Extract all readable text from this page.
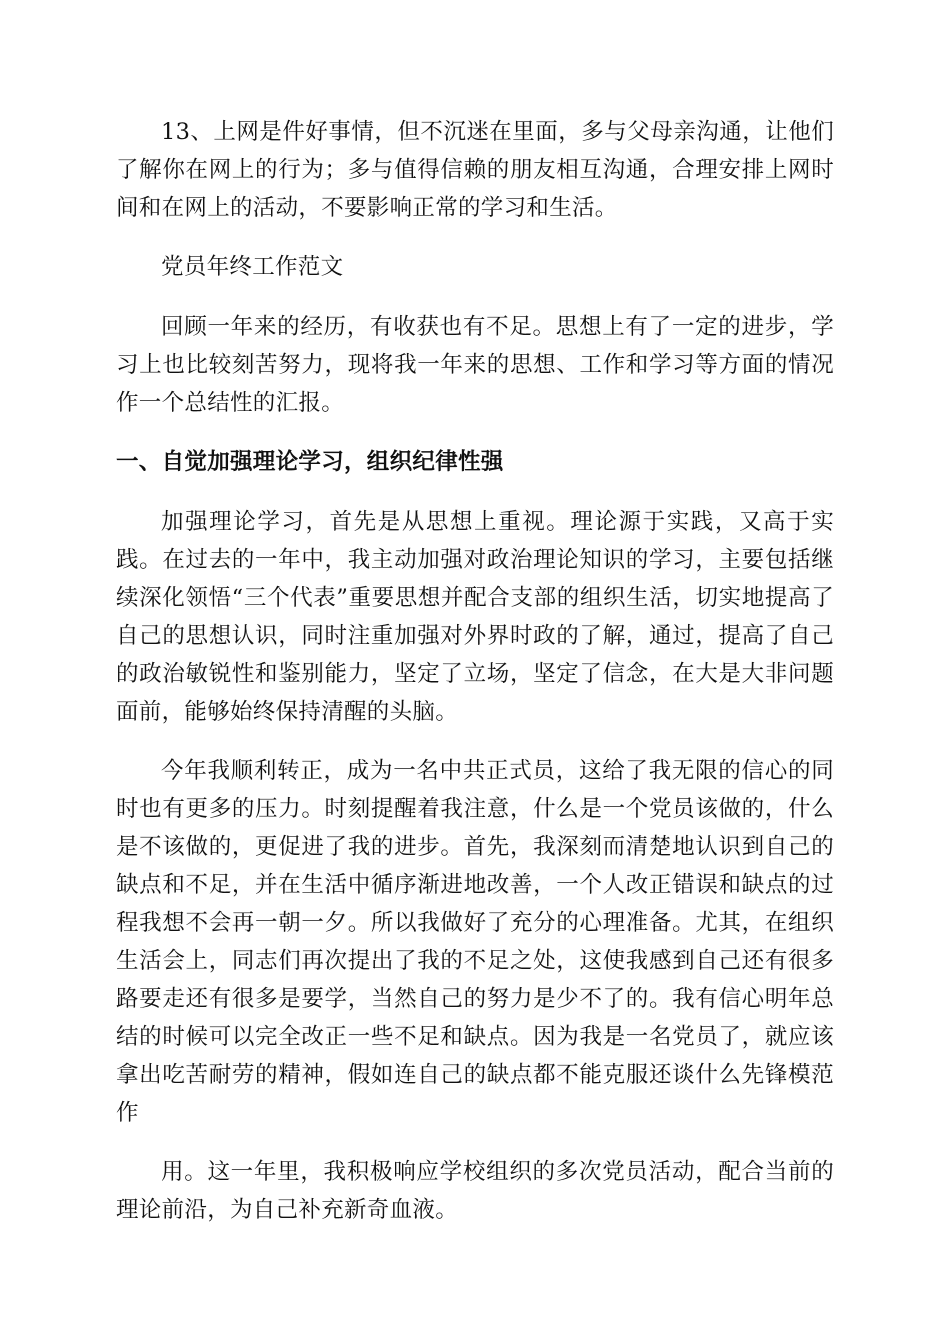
13、上网是件好事情，但不沉迷在里面，多与父母亲沟通，让他们了解你在网上的行为；多与值得信赖的朋友相互沟通，合理安排上网时间和在网上的活动，不要影响正常的学习和生活。

党员年终工作范文

回顾一年来的经历，有收获也有不足。思想上有了一定的进步，学习上也比较刻苦努力，现将我一年来的思想、工作和学习等方面的情况作一个总结性的汇报。

一、自觉加强理论学习，组织纪律性强

加强理论学习，首先是从思想上重视。理论源于实践，又高于实践。在过去的一年中，我主动加强对政治理论知识的学习，主要包括继续深化领悟“三个代表”重要思想并配合支部的组织生活，切实地提高了自己的思想认识，同时注重加强对外界时政的了解，通过，提高了自己的政治敏锐性和鉴别能力，坚定了立场，坚定了信念，在大是大非问题面前，能够始终保持清醒的头脑。

今年我顺利转正，成为一名中共正式员，这给了我无限的信心的同时也有更多的压力。时刻提醒着我注意，什么是一个党员该做的，什么是不该做的，更促进了我的进步。首先，我深刻而清楚地认识到自己的缺点和不足，并在生活中循序渐进地改善，一个人改正错误和缺点的过程我想不会再一朝一夕。所以我做好了充分的心理准备。尤其，在组织生活会上，同志们再次提出了我的不足之处，这使我感到自己还有很多路要走还有很多是要学，当然自己的努力是少不了的。我有信心明年总结的时候可以完全改正一些不足和缺点。因为我是一名党员了，就应该拿出吃苦耐劳的精神，假如连自己的缺点都不能克服还谈什么先锋模范作

用。这一年里，我积极响应学校组织的多次党员活动，配合当前的理论前沿，为自己补充新奇血液。
